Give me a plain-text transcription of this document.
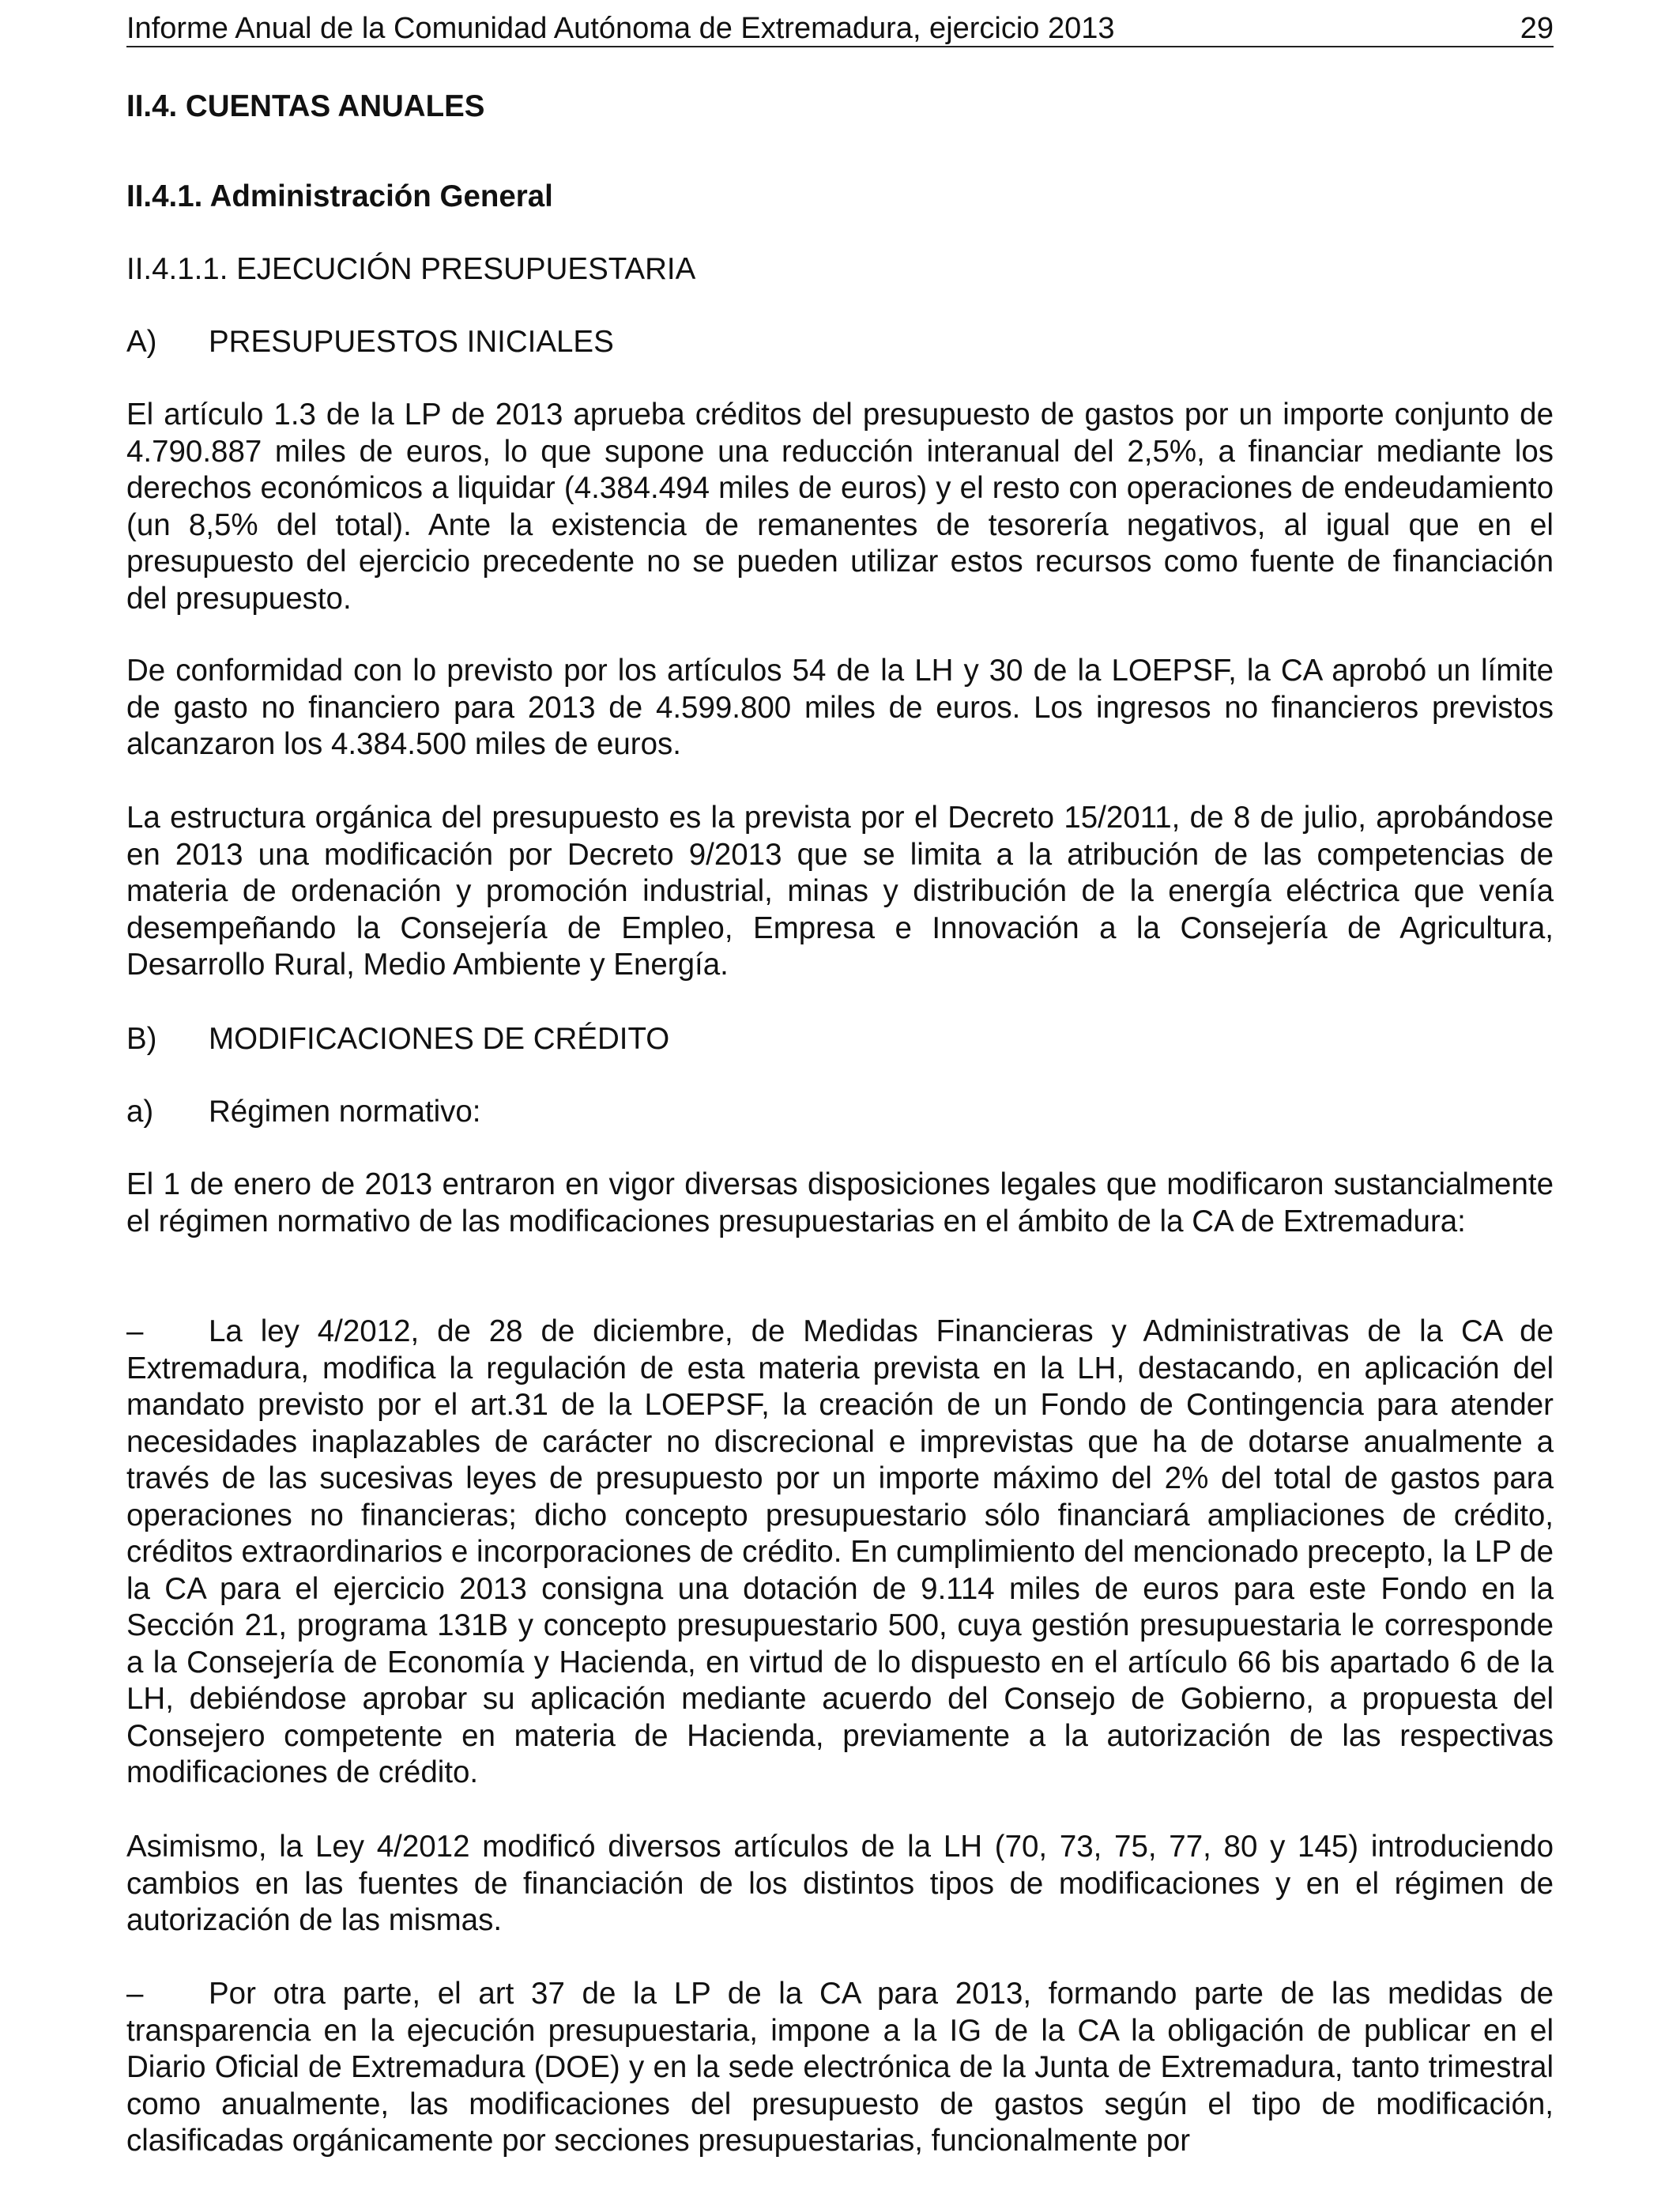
Informe Anual de la Comunidad Autónoma de Extremadura, ejercicio 2013	29

II.4. CUENTAS ANUALES

II.4.1. Administración General

II.4.1.1. EJECUCIÓN PRESUPUESTARIA

A) PRESUPUESTOS INICIALES

El artículo 1.3 de la LP de 2013 aprueba créditos del presupuesto de gastos por un importe conjunto de 4.790.887 miles de euros, lo que supone una reducción interanual del 2,5%, a financiar mediante los derechos económicos a liquidar (4.384.494 miles de euros) y el resto con operaciones de endeudamiento (un 8,5% del total). Ante la existencia de remanentes de tesorería negativos, al igual que en el presupuesto del ejercicio precedente no se pueden utilizar estos recursos como fuente de financiación del presupuesto.

De conformidad con lo previsto por los artículos 54 de la LH y 30 de la LOEPSF, la CA aprobó un límite de gasto no financiero para 2013 de 4.599.800 miles de euros. Los ingresos no financieros previstos alcanzaron los 4.384.500 miles de euros.

La estructura orgánica del presupuesto es la prevista por el Decreto 15/2011, de 8 de julio, aprobándose en 2013 una modificación por Decreto 9/2013 que se limita a la atribución de las competencias de materia de ordenación y promoción industrial, minas y distribución de la energía eléctrica que venía desempeñando la Consejería de Empleo, Empresa e Innovación a la Consejería de Agricultura, Desarrollo Rural, Medio Ambiente y Energía.

B) MODIFICACIONES DE CRÉDITO

a) Régimen normativo:

El 1 de enero de 2013 entraron en vigor diversas disposiciones legales que modificaron sustancialmente el régimen normativo de las modificaciones presupuestarias en el ámbito de la CA de Extremadura:

– La ley 4/2012, de 28 de diciembre, de Medidas Financieras y Administrativas de la CA de Extremadura, modifica la regulación de esta materia prevista en la LH, destacando, en aplicación del mandato previsto por el art.31 de la LOEPSF, la creación de un Fondo de Contingencia para atender necesidades inaplazables de carácter no discrecional e imprevistas que ha de dotarse anualmente a través de las sucesivas leyes de presupuesto por un importe máximo del 2% del total de gastos para operaciones no financieras; dicho concepto presupuestario sólo financiará ampliaciones de crédito, créditos extraordinarios e incorporaciones de crédito. En cumplimiento del mencionado precepto, la LP de la CA para el ejercicio 2013 consigna una dotación de 9.114 miles de euros para este Fondo en la Sección 21, programa 131B y concepto presupuestario 500, cuya gestión presupuestaria le corresponde a la Consejería de Economía y Hacienda, en virtud de lo dispuesto en el artículo 66 bis apartado 6 de la LH, debiéndose aprobar su aplicación mediante acuerdo del Consejo de Gobierno, a propuesta del Consejero competente en materia de Hacienda, previamente a la autorización de las respectivas modificaciones de crédito.

Asimismo, la Ley 4/2012 modificó diversos artículos de la LH (70, 73, 75, 77, 80 y 145) introduciendo cambios en las fuentes de financiación de los distintos tipos de modificaciones y en el régimen de autorización de las mismas.

– Por otra parte, el art 37 de la LP de la CA para 2013, formando parte de las medidas de transparencia en la ejecución presupuestaria, impone a la IG de la CA la obligación de publicar en el Diario Oficial de Extremadura (DOE) y en la sede electrónica de la Junta de Extremadura, tanto trimestral como anualmente, las modificaciones del presupuesto de gastos según el tipo de modificación, clasificadas orgánicamente por secciones presupuestarias, funcionalmente por
